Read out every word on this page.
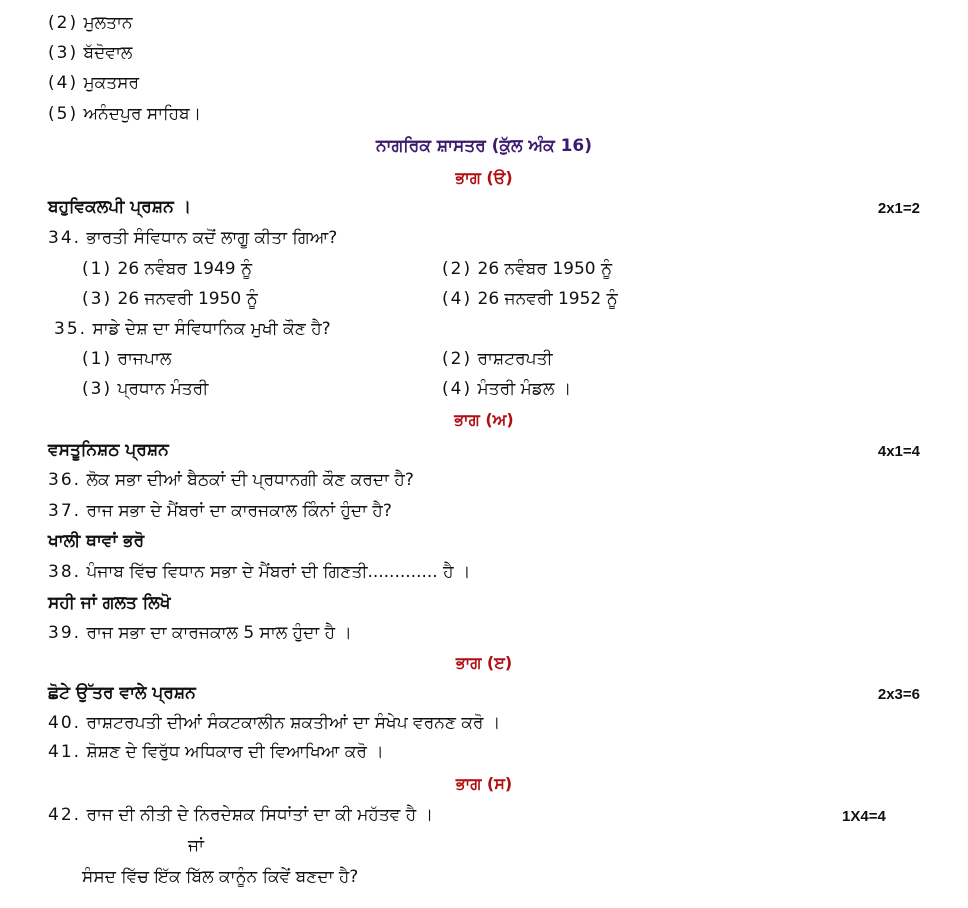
(2) ਮੁਲਤਾਨ
(3) ਬੱਦੋਵਾਲ
(4) ਮੁਕਤਸਰ
(5) ਅਨੰਦਪੁਰ ਸਾਹਿਬ।
ਨਾਗਰਿਕ ਸ਼ਾਸਤਰ (ਕੁੱਲ ਅੰਕ 16)
ਭਾਗ (ੳ)
ਬਹੁਵਿਕਲਪੀ ਪ੍ਰਸ਼ਨ ।	2x1=2
34. ਭਾਰਤੀ ਸੰਵਿਧਾਨ ਕਦੋਂ ਲਾਗੂ ਕੀਤਾ ਗਿਆ?
(1) 26 ਨਵੰਬਰ 1949 ਨੂੰ	(2) 26 ਨਵੰਬਰ 1950 ਨੂੰ
(3) 26 ਜਨਵਰੀ 1950 ਨੂੰ	(4) 26 ਜਨਵਰੀ 1952 ਨੂੰ
35. ਸਾਡੇ ਦੇਸ਼ ਦਾ ਸੰਵਿਧਾਨਿਕ ਮੁਖੀ ਕੌਣ ਹੈ?
(1) ਰਾਜਪਾਲ	(2) ਰਾਸ਼ਟਰਪਤੀ
(3) ਪ੍ਰਧਾਨ ਮੰਤਰੀ	(4) ਮੰਤਰੀ ਮੰਡਲ ।
ਭਾਗ (ਅ)
ਵਸਤੂਨਿਸ਼ਠ ਪ੍ਰਸ਼ਨ	4x1=4
36. ਲੋਕ ਸਭਾ ਦੀਆਂ ਬੈਠਕਾਂ ਦੀ ਪ੍ਰਧਾਨਗੀ ਕੌਣ ਕਰਦਾ ਹੈ?
37. ਰਾਜ ਸਭਾ ਦੇ ਮੈਂਬਰਾਂ ਦਾ ਕਾਰਜਕਾਲ ਕਿੰਨਾਂ ਹੁੰਦਾ ਹੈ?
ਖਾਲੀ ਥਾਵਾਂ ਭਰੋ
38. ਪੰਜਾਬ ਵਿੱਚ ਵਿਧਾਨ ਸਭਾ ਦੇ ਮੈਂਬਰਾਂ ਦੀ ਗਿਣਤੀ............. ਹੈ ।
ਸਹੀ ਜਾਂ ਗਲਤ ਲਿਖੋ
39. ਰਾਜ ਸਭਾ ਦਾ ਕਾਰਜਕਾਲ 5 ਸਾਲ ਹੁੰਦਾ ਹੈ ।
ਭਾਗ (ੲ)
ਛੋਟੇ ਉੱਤਰ ਵਾਲੇ ਪ੍ਰਸ਼ਨ	2x3=6
40. ਰਾਸ਼ਟਰਪਤੀ ਦੀਆਂ ਸੰਕਟਕਾਲੀਨ ਸ਼ਕਤੀਆਂ ਦਾ ਸੰਖੇਪ ਵਰਨਣ ਕਰੋ ।
41. ਸ਼ੋਸ਼ਣ ਦੇ ਵਿਰੁੱਧ ਅਧਿਕਾਰ ਦੀ ਵਿਆਖਿਆ ਕਰੋ ।
ਭਾਗ (ਸ)
42. ਰਾਜ ਦੀ ਨੀਤੀ ਦੇ ਨਿਰਦੇਸ਼ਕ ਸਿਧਾਂਤਾਂ ਦਾ ਕੀ ਮਹੱਤਵ ਹੈ ।	1X4=4
ਜਾਂ
ਸੰਸਦ ਵਿੱਚ ਇੱਕ ਬਿੱਲ ਕਾਨੂੰਨ ਕਿਵੇਂ ਬਣਦਾ ਹੈ?
